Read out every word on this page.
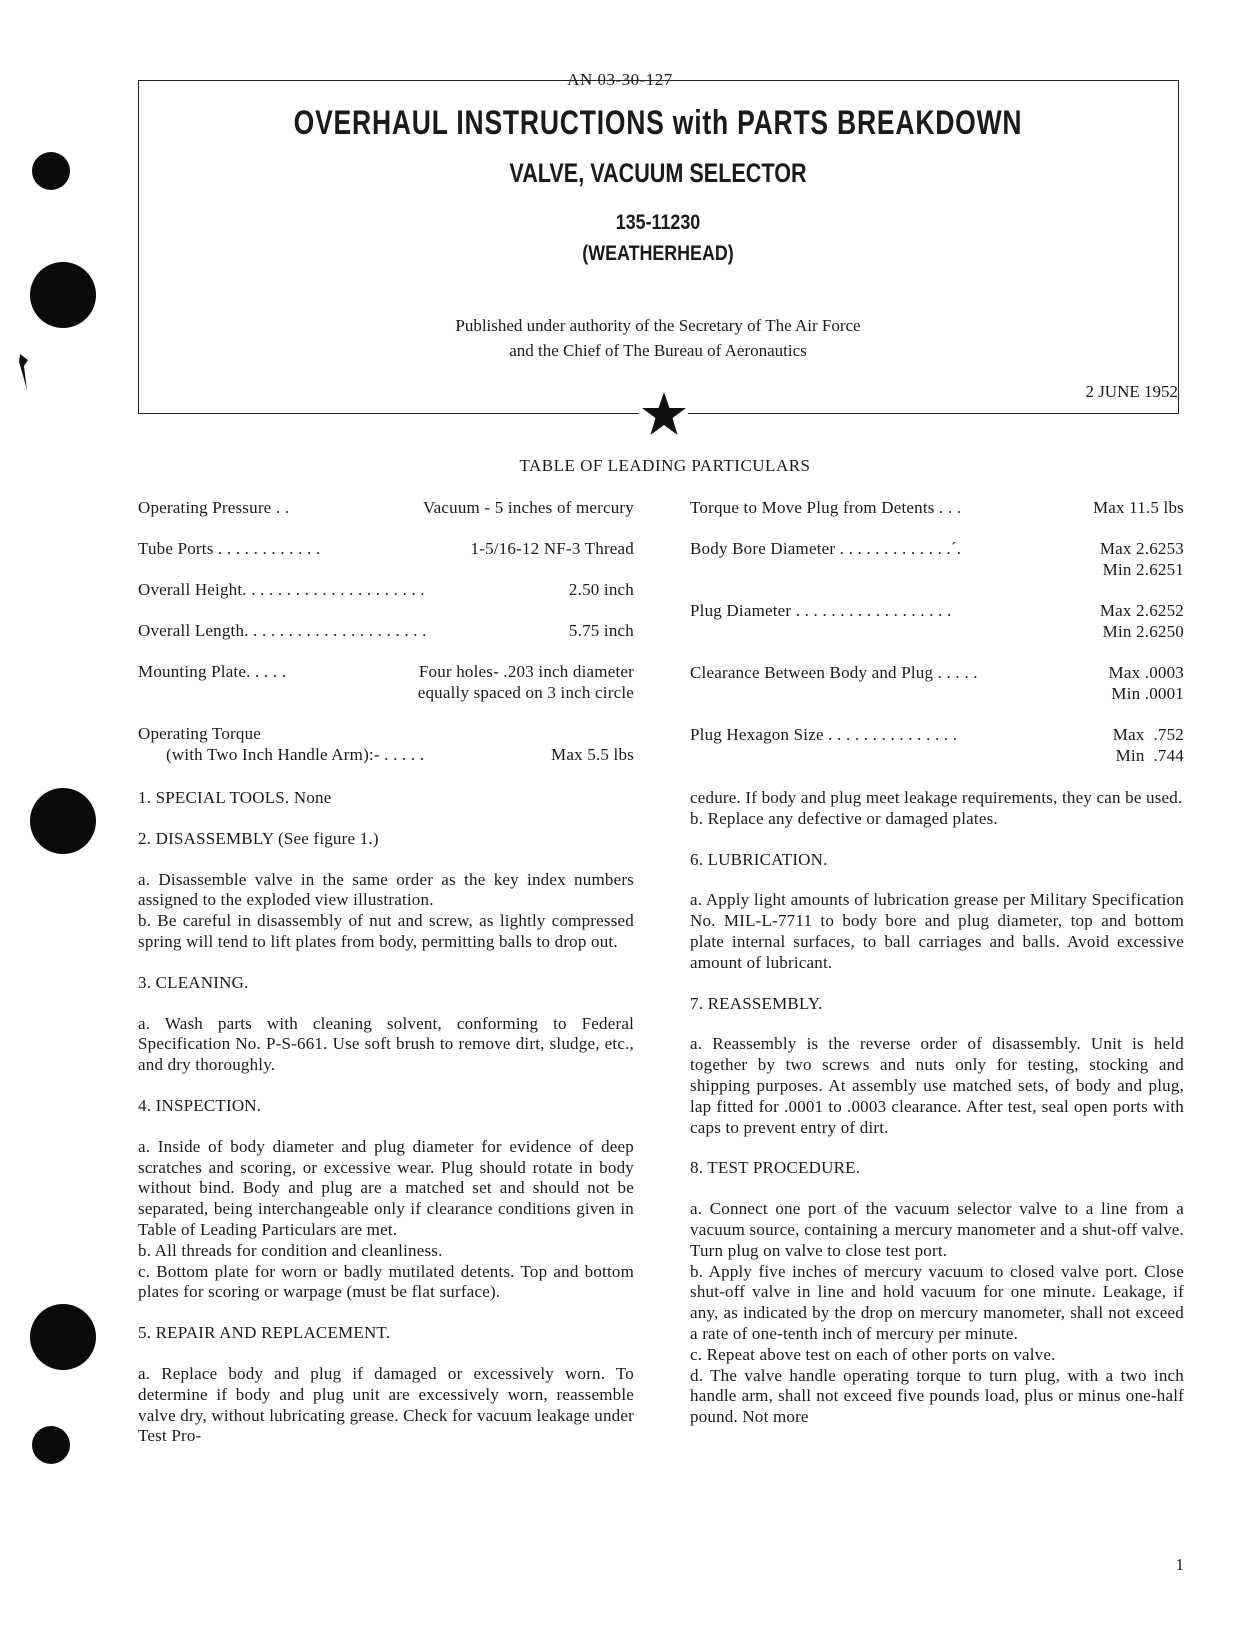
AN 03-30-127
OVERHAUL INSTRUCTIONS with PARTS BREAKDOWN
VALVE, VACUUM SELECTOR
135-11230
(WEATHERHEAD)
Published under authority of the Secretary of The Air Force
and the Chief of The Bureau of Aeronautics
2 JUNE 1952
TABLE OF LEADING PARTICULARS
Operating Pressure . .	Vacuum - 5 inches of mercury
Tube Ports . . . . . . . . . . . .	1-5/16-12 NF-3 Thread
Overall Height. . . . . . . . . . . . . . . . . . . . .	2.50 inch
Overall Length. . . . . . . . . . . . . . . . . . . . .	5.75 inch
Mounting Plate. . . . .	Four holes- .203 inch diameter
equally spaced on 3 inch circle
Operating Torque
(with Two Inch Handle Arm):- . . . . .	Max 5.5 lbs
Torque to Move Plug from Detents . . .	Max 11.5 lbs
Body Bore Diameter . . . . . . . . . . . . .´.	Max 2.6253
Min 2.6251
Plug Diameter . . . . . . . . . . . . . . . . . .	Max 2.6252
Min 2.6250
Clearance Between Body and Plug . . . . .	Max .0003
Min .0001
Plug Hexagon Size . . . . . . . . . . . . . . .	Max  .752
Min  .744

1. SPECIAL TOOLS. None

2. DISASSEMBLY (See figure 1.)

a. Disassemble valve in the same order as the key index numbers assigned to the exploded view illustration.

b. Be careful in disassembly of nut and screw, as lightly compressed spring will tend to lift plates from body, permitting balls to drop out.

3. CLEANING.

a. Wash parts with cleaning solvent, conforming to Federal Specification No. P-S-661. Use soft brush to remove dirt, sludge, etc., and dry thoroughly.

4. INSPECTION.

a. Inside of body diameter and plug diameter for evidence of deep scratches and scoring, or excessive wear. Plug should rotate in body without bind. Body and plug are a matched set and should not be separated, being interchangeable only if clearance conditions given in Table of Leading Particulars are met.

b. All threads for condition and cleanliness.

c. Bottom plate for worn or badly mutilated detents. Top and bottom plates for scoring or warpage (must be flat surface).

5. REPAIR AND REPLACEMENT.

a. Replace body and plug if damaged or excessively worn. To determine if body and plug unit are excessively worn, reassemble valve dry, without lubricating grease. Check for vacuum leakage under Test Pro-

cedure. If body and plug meet leakage requirements, they can be used.

b. Replace any defective or damaged plates.

6. LUBRICATION.

a. Apply light amounts of lubrication grease per Military Specification No. MIL-L-7711 to body bore and plug diameter, top and bottom plate internal surfaces, to ball carriages and balls. Avoid excessive amount of lubricant.

7. REASSEMBLY.

a. Reassembly is the reverse order of disassembly. Unit is held together by two screws and nuts only for testing, stocking and shipping purposes. At assembly use matched sets, of body and plug, lap fitted for .0001 to .0003 clearance. After test, seal open ports with caps to prevent entry of dirt.

8. TEST PROCEDURE.

a. Connect one port of the vacuum selector valve to a line from a vacuum source, containing a mercury manometer and a shut-off valve. Turn plug on valve to close test port.

b. Apply five inches of mercury vacuum to closed valve port. Close shut-off valve in line and hold vacuum for one minute. Leakage, if any, as indicated by the drop on mercury manometer, shall not exceed a rate of one-tenth inch of mercury per minute.

c. Repeat above test on each of other ports on valve.

d. The valve handle operating torque to turn plug, with a two inch handle arm, shall not exceed five pounds load, plus or minus one-half pound. Not more

1
